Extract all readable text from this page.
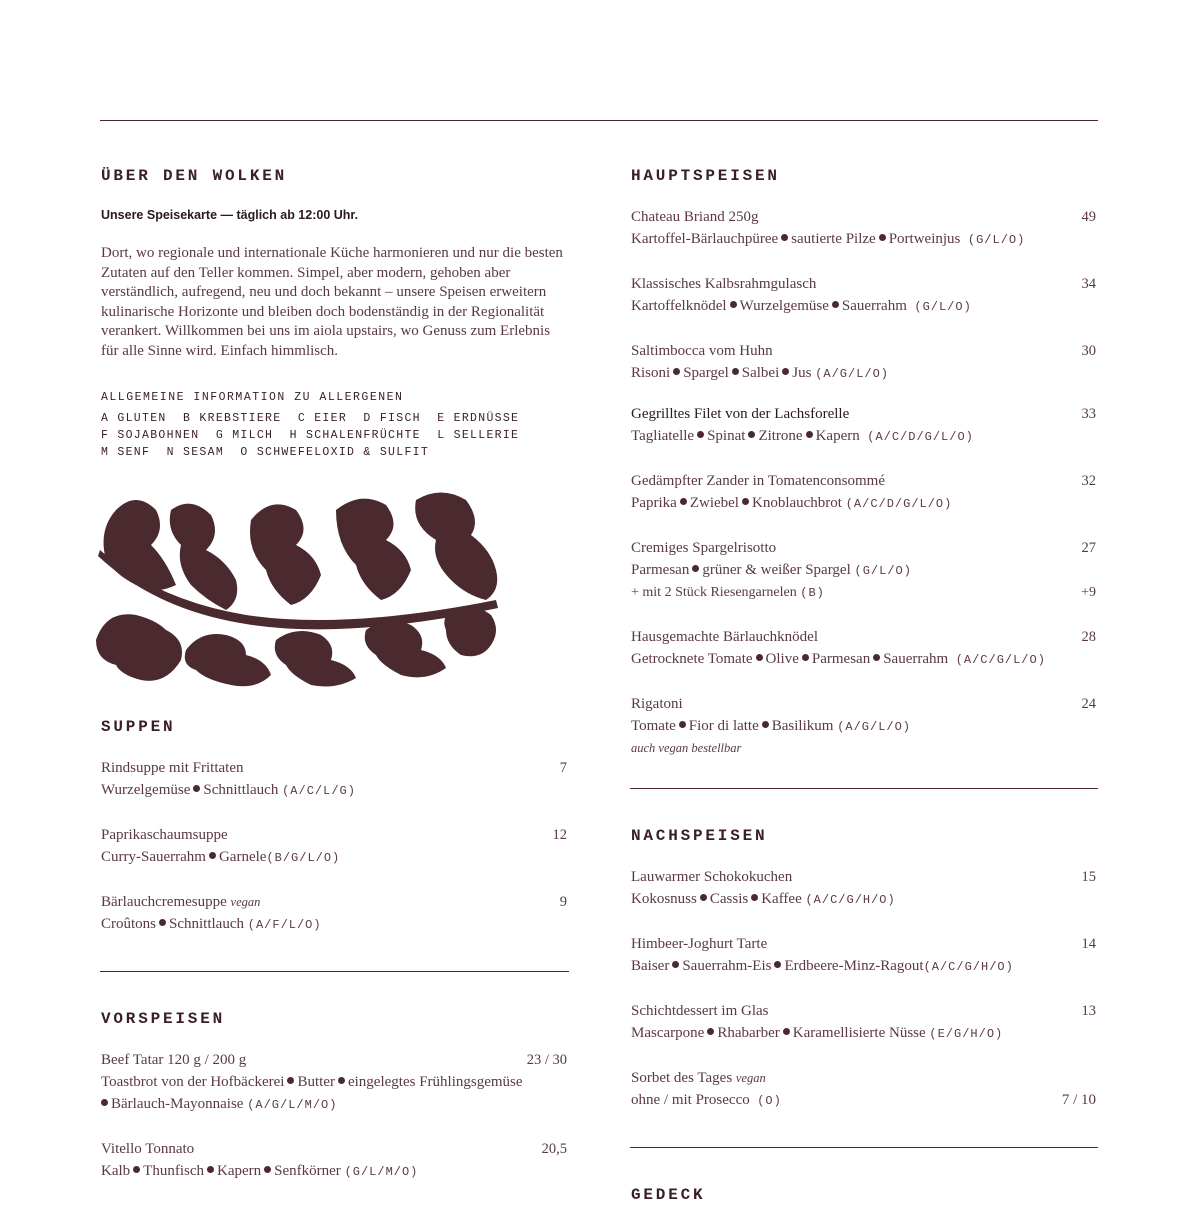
ÜBER DEN WOLKEN
Unsere Speisekarte — täglich ab 12:00 Uhr.
Dort, wo regionale und internationale Küche harmonieren und nur die besten Zutaten auf den Teller kommen. Simpel, aber modern, gehoben aber verständlich, aufregend, neu und doch bekannt – unsere Speisen erweitern kulinarische Horizonte und bleiben doch bodenständig in der Regionalität verankert. Willkommen bei uns im aiola upstairs, wo Genuss zum Erlebnis für alle Sinne wird. Einfach himmlisch.
ALLGEMEINE INFORMATION ZU ALLERGENEN
A GLUTEN  B KREBSTIERE  C EIER  D FISCH  E ERDNÜSSE
F SOJABOHNEN  G MILCH  H SCHALENFRÜCHTE  L SELLERIE
M SENF  N SESAM  O SCHWEFELOXID & SULFIT
SUPPEN
Rindsuppe mit Frittaten	7
Wurzelgemüse Schnittlauch (A/C/L/G)
Paprikaschaumsuppe	12
Curry-Sauerrahm Garnele(B/G/L/O)
Bärlauchcremesuppe vegan	9
Croûtons Schnittlauch (A/F/L/O)
VORSPEISEN
Beef Tatar 120 g / 200 g	23 / 30
Toastbrot von der Hofbäckerei Butter eingelegtes Frühlingsgemüse
Bärlauch-Mayonnaise (A/G/L/M/O)
Vitello Tonnato	20,5
Kalb Thunfisch Kapern Senfkörner (G/L/M/O)
HAUPTSPEISEN
Chateau Briand 250g	49
Kartoffel-Bärlauchpüree sautierte Pilze Portweinjus (G/L/O)
Klassisches Kalbsrahmgulasch	34
Kartoffelknödel Wurzelgemüse Sauerrahm (G/L/O)
Saltimbocca vom Huhn	30
Risoni Spargel Salbei Jus (A/G/L/O)
Gegrilltes Filet von der Lachsforelle	33
Tagliatelle Spinat Zitrone Kapern (A/C/D/G/L/O)
Gedämpfter Zander in Tomatenconsommé	32
Paprika Zwiebel Knoblauchbrot (A/C/D/G/L/O)
Cremiges Spargelrisotto	27
Parmesan grüner & weißer Spargel (G/L/O)
+ mit 2 Stück Riesengarnelen (B)	+9
Hausgemachte Bärlauchknödel	28
Getrocknete Tomate Olive Parmesan Sauerrahm (A/C/G/L/O)
Rigatoni	24
Tomate Fior di latte Basilikum (A/G/L/O)
auch vegan bestellbar
NACHSPEISEN
Lauwarmer Schokokuchen	15
Kokosnuss Cassis Kaffee (A/C/G/H/O)
Himbeer-Joghurt Tarte	14
Baiser Sauerrahm-Eis Erdbeere-Minz-Ragout(A/C/G/H/O)
Schichtdessert im Glas	13
Mascarpone Rhabarber Karamellisierte Nüsse (E/G/H/O)
Sorbet des Tages vegan
ohne / mit Prosecco (O)	7 / 10
GEDECK
